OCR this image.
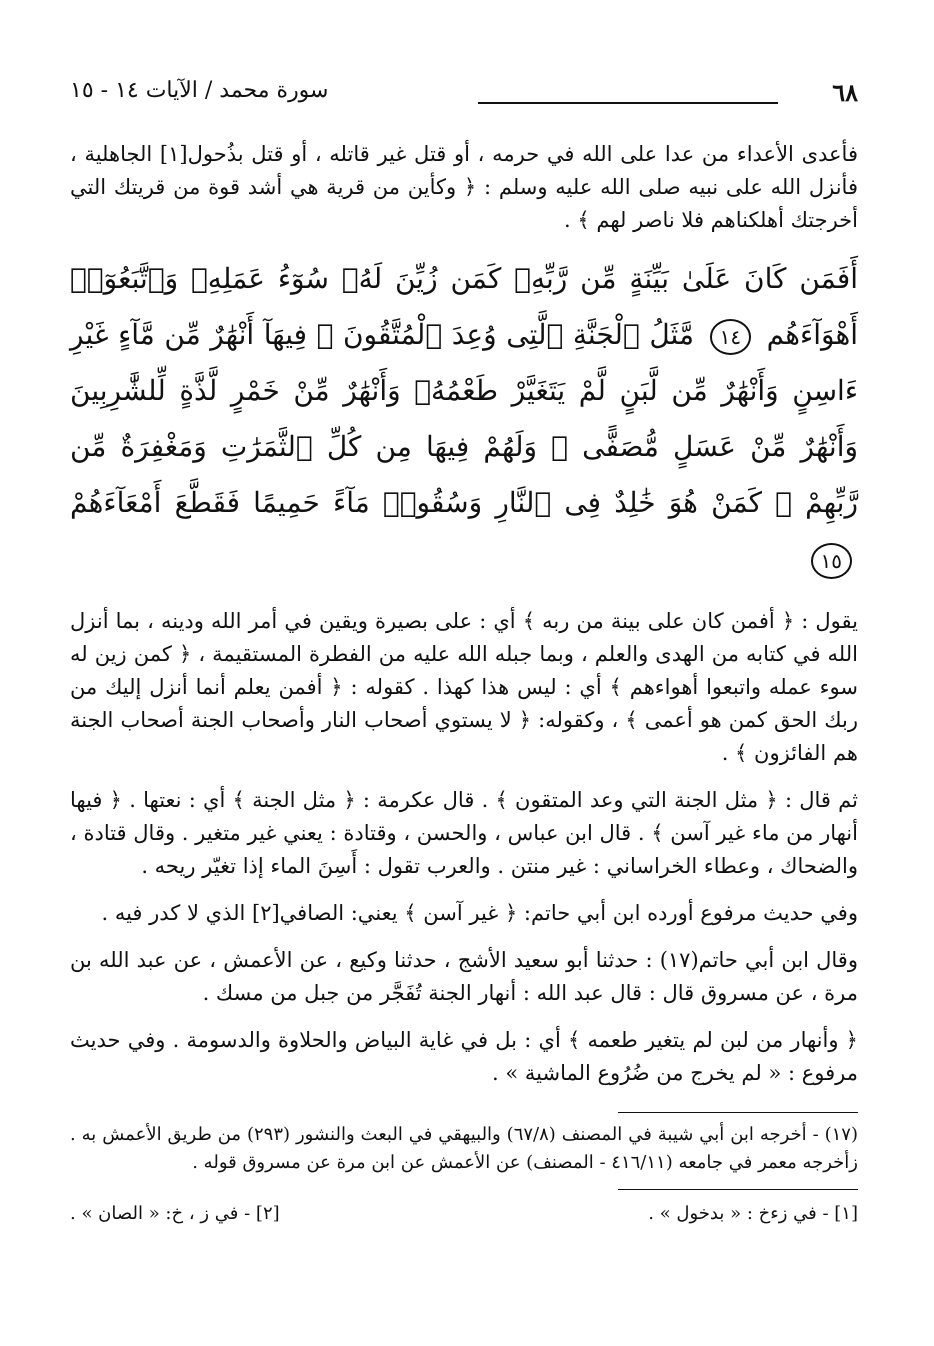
٦٨
سورة محمد / الآيات ١٤ - ١٥

فأعدى الأعداء من عدا على الله في حرمه ، أو قتل غير قاتله ، أو قتل بذُحول[١] الجاهلية ، فأنزل الله على نبيه صلى الله عليه وسلم : ﴿ وكأين من قرية هي أشد قوة من قريتك التي أخرجتك أهلكناهم فلا ناصر لهم ﴾ .

أَفَمَن كَانَ عَلَىٰ بَيِّنَةٍ مِّن رَّبِّهِۦ كَمَن زُيِّنَ لَهُۥ سُوٓءُ عَمَلِهِۦ وَٱتَّبَعُوٓا۟ أَهْوَآءَهُم ١٤ مَّثَلُ ٱلْجَنَّةِ ٱلَّتِى وُعِدَ ٱلْمُتَّقُونَ ۖ فِيهَآ أَنْهَٰرٌ مِّن مَّآءٍ غَيْرِ ءَاسِنٍ وَأَنْهَٰرٌ مِّن لَّبَنٍ لَّمْ يَتَغَيَّرْ طَعْمُهُۥ وَأَنْهَٰرٌ مِّنْ خَمْرٍ لَّذَّةٍ لِّلشَّٰرِبِينَ وَأَنْهَٰرٌ مِّنْ عَسَلٍ مُّصَفًّى ۖ وَلَهُمْ فِيهَا مِن كُلِّ ٱلثَّمَرَٰتِ وَمَغْفِرَةٌ مِّن رَّبِّهِمْ ۖ كَمَنْ هُوَ خَٰلِدٌ فِى ٱلنَّارِ وَسُقُوا۟ مَآءً حَمِيمًا فَقَطَّعَ أَمْعَآءَهُمْ ١٥

يقول : ﴿ أفمن كان على بينة من ربه ﴾ أي : على بصيرة ويقين في أمر الله ودينه ، بما أنزل الله في كتابه من الهدى والعلم ، وبما جبله الله عليه من الفطرة المستقيمة ، ﴿ كمن زين له سوء عمله واتبعوا أهواءهم ﴾ أي : ليس هذا كهذا . كقوله : ﴿ أفمن يعلم أنما أنزل إليك من ربك الحق كمن هو أعمى ﴾ ، وكقوله: ﴿ لا يستوي أصحاب النار وأصحاب الجنة أصحاب الجنة هم الفائزون ﴾ .

ثم قال : ﴿ مثل الجنة التي وعد المتقون ﴾ . قال عكرمة : ﴿ مثل الجنة ﴾ أي : نعتها . ﴿ فيها أنهار من ماء غير آسن ﴾ . قال ابن عباس ، والحسن ، وقتادة : يعني غير متغير . وقال قتادة ، والضحاك ، وعطاء الخراساني : غير منتن . والعرب تقول : أَسِنَ الماء إذا تغيّر ريحه .

وفي حديث مرفوع أورده ابن أبي حاتم: ﴿ غير آسن ﴾ يعني: الصافي[٢] الذي لا كدر فيه .

وقال ابن أبي حاتم(١٧) : حدثنا أبو سعيد الأشج ، حدثنا وكيع ، عن الأعمش ، عن عبد الله بن مرة ، عن مسروق قال : قال عبد الله : أنهار الجنة تُفَجَّر من جبل من مسك .

﴿ وأنهار من لبن لم يتغير طعمه ﴾ أي : بل في غاية البياض والحلاوة والدسومة . وفي حديث مرفوع : « لم يخرج من ضُرُوع الماشية » .

(١٧) - أخرجه ابن أبي شيبة في المصنف (٦٧/٨) والبيهقي في البعث والنشور (٢٩٣) من طريق الأعمش به . زأخرجه معمر في جامعه (٤١٦/١١ - المصنف) عن الأعمش عن ابن مرة عن مسروق قوله .

[١] - في زءخ : « بدخول » .
[٢] - في ز ، خ: « الصان » .
